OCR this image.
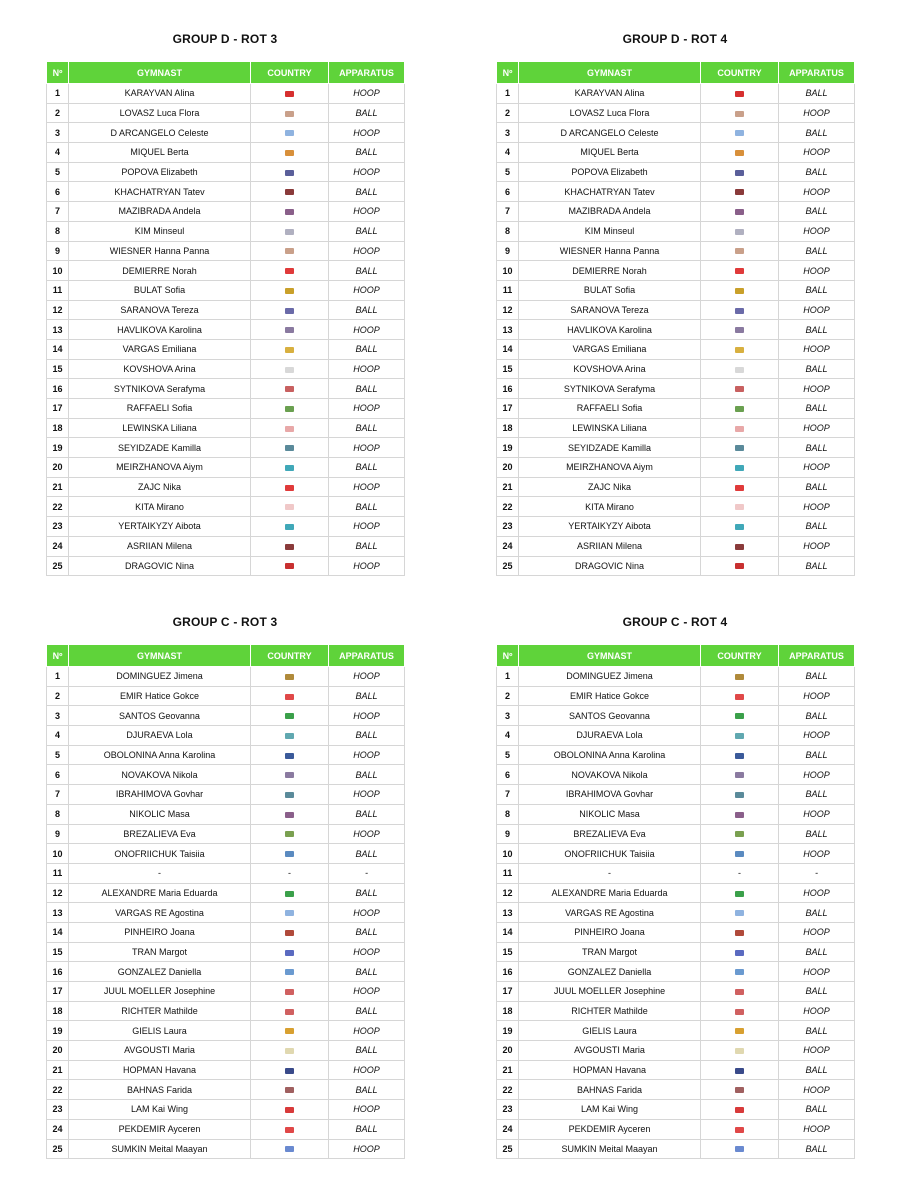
GROUP D - ROT 3
Nº	GYMNAST	COUNTRY	APPARATUS
1	KARAYVAN Alina		HOOP
2	LOVASZ Luca Flora		BALL
3	D ARCANGELO Celeste		HOOP
4	MIQUEL Berta		BALL
5	POPOVA Elizabeth		HOOP
6	KHACHATRYAN Tatev		BALL
7	MAZIBRADA Andela		HOOP
8	KIM Minseul		BALL
9	WIESNER Hanna Panna		HOOP
10	DEMIERRE Norah		BALL
11	BULAT Sofia		HOOP
12	SARANOVA Tereza		BALL
13	HAVLIKOVA Karolina		HOOP
14	VARGAS Emiliana		BALL
15	KOVSHOVA Arina		HOOP
16	SYTNIKOVA Serafyma		BALL
17	RAFFAELI Sofia		HOOP
18	LEWINSKA Liliana		BALL
19	SEYIDZADE Kamilla		HOOP
20	MEIRZHANOVA Aiym		BALL
21	ZAJC Nika		HOOP
22	KITA Mirano		BALL
23	YERTAIKYZY Aibota		HOOP
24	ASRIIAN Milena		BALL
25	DRAGOVIC Nina		HOOP
GROUP D - ROT 4
Nº	GYMNAST	COUNTRY	APPARATUS
1	KARAYVAN Alina		BALL
2	LOVASZ Luca Flora		HOOP
3	D ARCANGELO Celeste		BALL
4	MIQUEL Berta		HOOP
5	POPOVA Elizabeth		BALL
6	KHACHATRYAN Tatev		HOOP
7	MAZIBRADA Andela		BALL
8	KIM Minseul		HOOP
9	WIESNER Hanna Panna		BALL
10	DEMIERRE Norah		HOOP
11	BULAT Sofia		BALL
12	SARANOVA Tereza		HOOP
13	HAVLIKOVA Karolina		BALL
14	VARGAS Emiliana		HOOP
15	KOVSHOVA Arina		BALL
16	SYTNIKOVA Serafyma		HOOP
17	RAFFAELI Sofia		BALL
18	LEWINSKA Liliana		HOOP
19	SEYIDZADE Kamilla		BALL
20	MEIRZHANOVA Aiym		HOOP
21	ZAJC Nika		BALL
22	KITA Mirano		HOOP
23	YERTAIKYZY Aibota		BALL
24	ASRIIAN Milena		HOOP
25	DRAGOVIC Nina		BALL
GROUP C - ROT 3
Nº	GYMNAST	COUNTRY	APPARATUS
1	DOMINGUEZ Jimena		HOOP
2	EMIR Hatice Gokce		BALL
3	SANTOS Geovanna		HOOP
4	DJURAEVA Lola		BALL
5	OBOLONINA Anna Karolina		HOOP
6	NOVAKOVA Nikola		BALL
7	IBRAHIMOVA Govhar		HOOP
8	NIKOLIC Masa		BALL
9	BREZALIEVA Eva		HOOP
10	ONOFRIICHUK Taisiia		BALL
11	-	-	-
12	ALEXANDRE Maria Eduarda		BALL
13	VARGAS RE Agostina		HOOP
14	PINHEIRO Joana		BALL
15	TRAN Margot		HOOP
16	GONZALEZ Daniella		BALL
17	JUUL MOELLER Josephine		HOOP
18	RICHTER Mathilde		BALL
19	GIELIS Laura		HOOP
20	AVGOUSTI Maria		BALL
21	HOPMAN Havana		HOOP
22	BAHNAS Farida		BALL
23	LAM Kai Wing		HOOP
24	PEKDEMIR Ayceren		BALL
25	SUMKIN Meital Maayan		HOOP
GROUP C - ROT 4
Nº	GYMNAST	COUNTRY	APPARATUS
1	DOMINGUEZ Jimena		BALL
2	EMIR Hatice Gokce		HOOP
3	SANTOS Geovanna		BALL
4	DJURAEVA Lola		HOOP
5	OBOLONINA Anna Karolina		BALL
6	NOVAKOVA Nikola		HOOP
7	IBRAHIMOVA Govhar		BALL
8	NIKOLIC Masa		HOOP
9	BREZALIEVA Eva		BALL
10	ONOFRIICHUK Taisiia		HOOP
11	-	-	-
12	ALEXANDRE Maria Eduarda		HOOP
13	VARGAS RE Agostina		BALL
14	PINHEIRO Joana		HOOP
15	TRAN Margot		BALL
16	GONZALEZ Daniella		HOOP
17	JUUL MOELLER Josephine		BALL
18	RICHTER Mathilde		HOOP
19	GIELIS Laura		BALL
20	AVGOUSTI Maria		HOOP
21	HOPMAN Havana		BALL
22	BAHNAS Farida		HOOP
23	LAM Kai Wing		BALL
24	PEKDEMIR Ayceren		HOOP
25	SUMKIN Meital Maayan		BALL
